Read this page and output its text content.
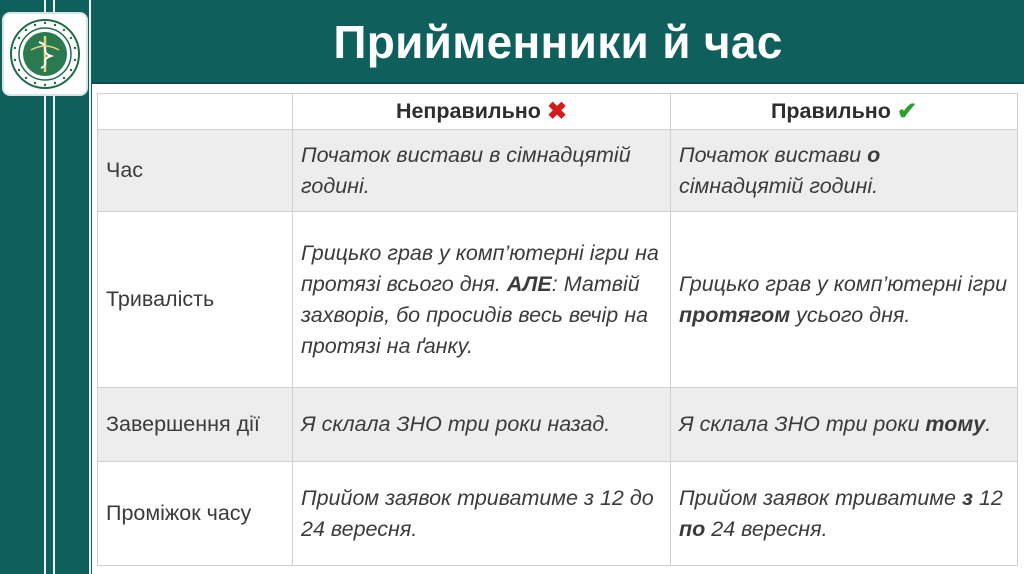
Прийменники й час
	Неправильно ✖	Правильно ✔
Час	Початок вистави в сімнадцятій годині.	Початок вистави о сімнадцятій годині.
Тривалість	Грицько грав у комп’ютерні ігри на протязі всього дня. АЛЕ: Матвій захворів, бо просидів весь вечір на протязі на ґанку.	Грицько грав у комп’ютерні ігри протягом усього дня.
Завершення дії	Я склала ЗНО три роки назад.	Я склала ЗНО три роки тому.
Проміжок часу	Прийом заявок триватиме з 12 до 24 вересня.	Прийом заявок триватиме з 12 по 24 вересня.
